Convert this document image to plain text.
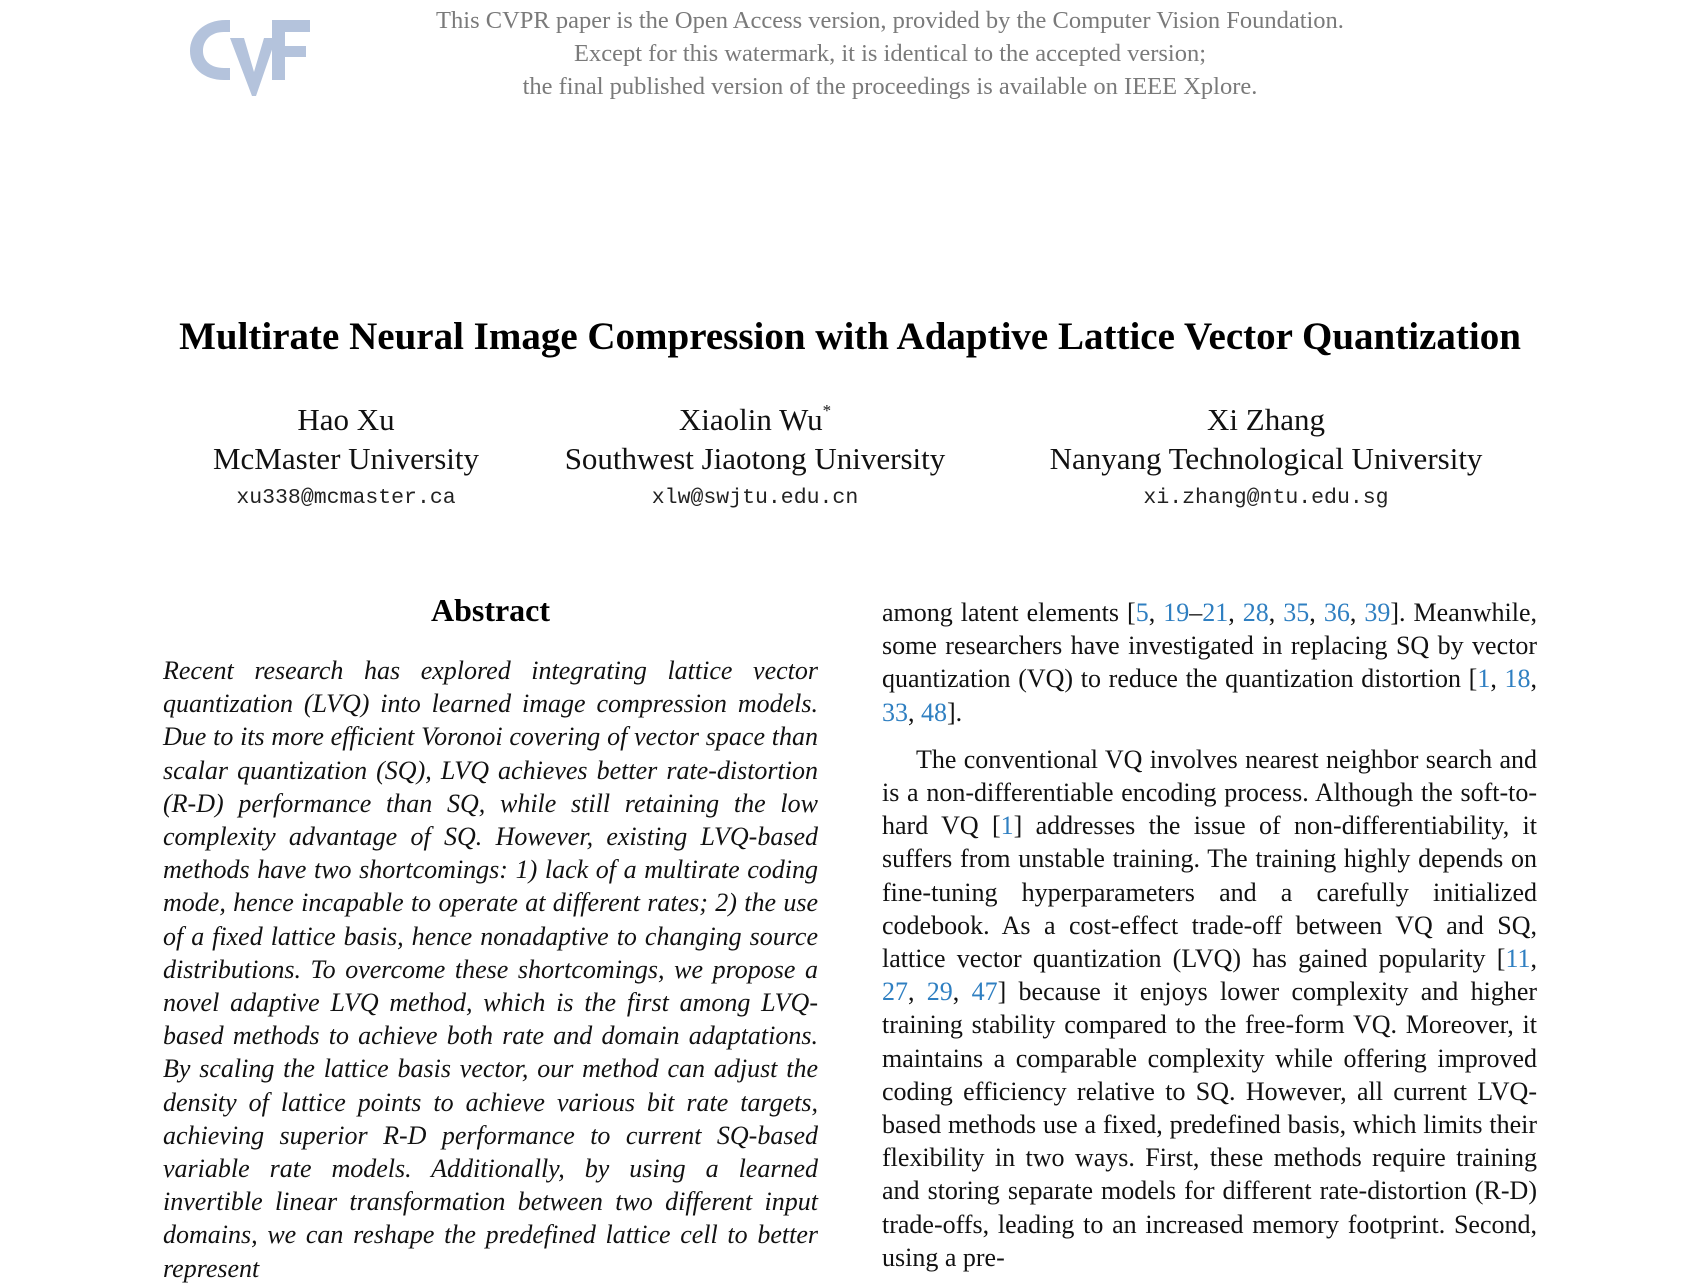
This CVPR paper is the Open Access version, provided by the Computer Vision Foundation.
Except for this watermark, it is identical to the accepted version;
the final published version of the proceedings is available on IEEE Xplore.
Multirate Neural Image Compression with Adaptive Lattice Vector Quantization
Hao Xu
McMaster University
xu338@mcmaster.ca
Xiaolin Wu*
Southwest Jiaotong University
xlw@swjtu.edu.cn
Xi Zhang
Nanyang Technological University
xi.zhang@ntu.edu.sg
Abstract

Recent research has explored integrating lattice vector quantization (LVQ) into learned image compression models. Due to its more efficient Voronoi covering of vector space than scalar quantization (SQ), LVQ achieves better rate-distortion (R-D) performance than SQ, while still retaining the low complexity advantage of SQ. However, existing LVQ-based methods have two shortcomings: 1) lack of a multirate coding mode, hence incapable to operate at different rates; 2) the use of a fixed lattice basis, hence nonadaptive to changing source distributions. To overcome these shortcomings, we propose a novel adaptive LVQ method, which is the first among LVQ-based methods to achieve both rate and domain adaptations. By scaling the lattice basis vector, our method can adjust the density of lattice points to achieve various bit rate targets, achieving superior R-D performance to current SQ-based variable rate models. Additionally, by using a learned invertible linear transformation between two different input domains, we can reshape the predefined lattice cell to better represent

among latent elements [5, 19–21, 28, 35, 36, 39]. Meanwhile, some researchers have investigated in replacing SQ by vector quantization (VQ) to reduce the quantization distortion [1, 18, 33, 48].

The conventional VQ involves nearest neighbor search and is a non-differentiable encoding process. Although the soft-to-hard VQ [1] addresses the issue of non-differentiability, it suffers from unstable training. The training highly depends on fine-tuning hyperparameters and a carefully initialized codebook. As a cost-effect trade-off between VQ and SQ, lattice vector quantization (LVQ) has gained popularity [11, 27, 29, 47] because it enjoys lower complexity and higher training stability compared to the free-form VQ. Moreover, it maintains a comparable complexity while offering improved coding efficiency relative to SQ. However, all current LVQ-based methods use a fixed, predefined basis, which limits their flexibility in two ways. First, these methods require training and storing separate models for different rate-distortion (R-D) trade-offs, leading to an increased memory footprint. Second, using a pre-
